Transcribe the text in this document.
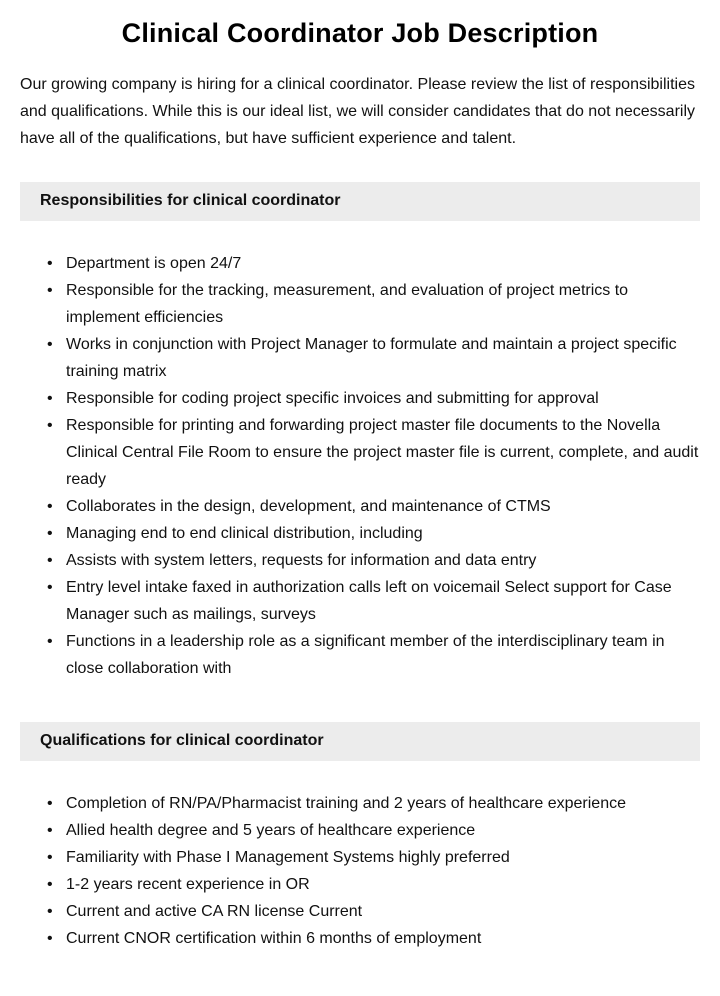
Clinical Coordinator Job Description

Our growing company is hiring for a clinical coordinator. Please review the list of responsibilities and qualifications. While this is our ideal list, we will consider candidates that do not necessarily have all of the qualifications, but have sufficient experience and talent.

Responsibilities for clinical coordinator
• Department is open 24/7
• Responsible for the tracking, measurement, and evaluation of project metrics to implement efficiencies
• Works in conjunction with Project Manager to formulate and maintain a project specific training matrix
• Responsible for coding project specific invoices and submitting for approval
• Responsible for printing and forwarding project master file documents to the Novella Clinical Central File Room to ensure the project master file is current, complete, and audit ready
• Collaborates in the design, development, and maintenance of CTMS
• Managing end to end clinical distribution, including
• Assists with system letters, requests for information and data entry
• Entry level intake faxed in authorization calls left on voicemail Select support for Case Manager such as mailings, surveys
• Functions in a leadership role as a significant member of the interdisciplinary team in close collaboration with
Qualifications for clinical coordinator
• Completion of RN/PA/Pharmacist training and 2 years of healthcare experience
• Allied health degree and 5 years of healthcare experience
• Familiarity with Phase I Management Systems highly preferred
• 1-2 years recent experience in OR
• Current and active CA RN license Current
• Current CNOR certification within 6 months of employment
